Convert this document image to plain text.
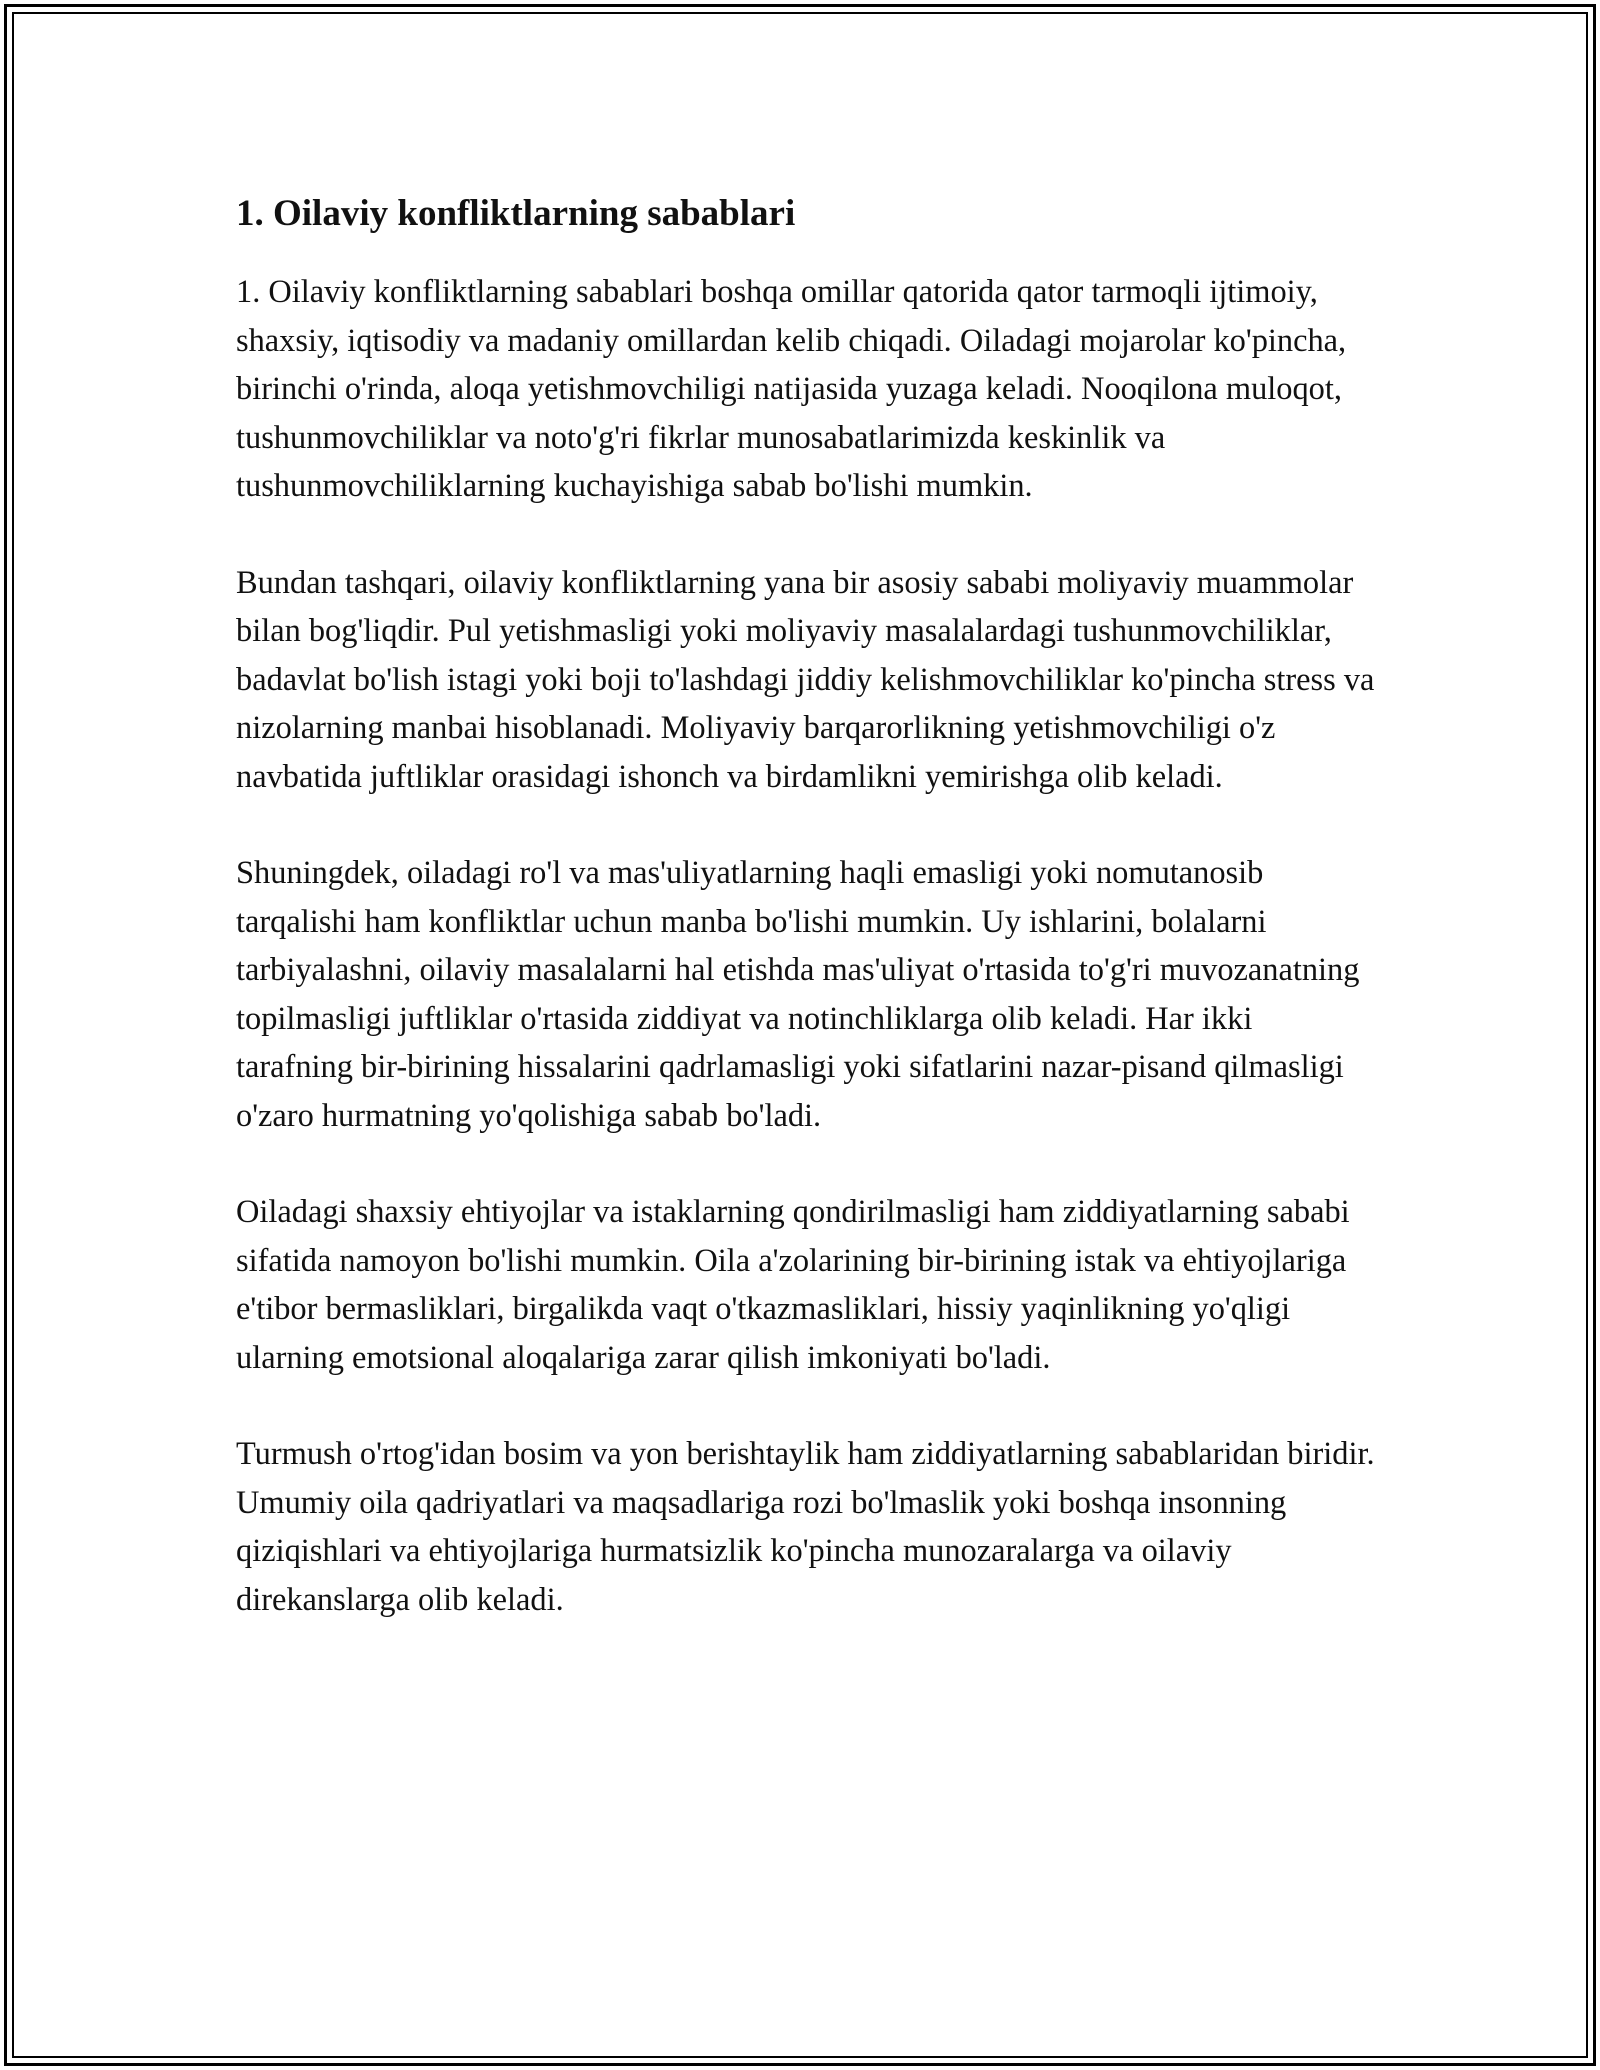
1. Oilaviy konfliktlarning sabablari

1. Oilaviy konfliktlarning sabablari boshqa omillar qatorida qator tarmoqli ijtimoiy, shaxsiy, iqtisodiy va madaniy omillardan kelib chiqadi. Oiladagi mojarolar ko'pincha, birinchi o'rinda, aloqa yetishmovchiligi natijasida yuzaga keladi. Nooqilona muloqot, tushunmovchiliklar va noto'g'ri fikrlar munosabatlarimizda keskinlik va tushunmovchiliklarning kuchayishiga sabab bo'lishi mumkin.

Bundan tashqari, oilaviy konfliktlarning yana bir asosiy sababi moliyaviy muammolar bilan bog'liqdir. Pul yetishmasligi yoki moliyaviy masalalardagi tushunmovchiliklar, badavlat bo'lish istagi yoki boji to'lashdagi jiddiy kelishmovchiliklar ko'pincha stress va nizolarning manbai hisoblanadi. Moliyaviy barqarorlikning yetishmovchiligi o'z navbatida juftliklar orasidagi ishonch va birdamlikni yemirishga olib keladi.

Shuningdek, oiladagi ro'l va mas'uliyatlarning haqli emasligi yoki nomutanosib tarqalishi ham konfliktlar uchun manba bo'lishi mumkin. Uy ishlarini, bolalarni tarbiyalashni, oilaviy masalalarni hal etishda mas'uliyat o'rtasida to'g'ri muvozanatning topilmasligi juftliklar o'rtasida ziddiyat va notinchliklarga olib keladi. Har ikki tarafning bir-birining hissalarini qadrlamasligi yoki sifatlarini nazar-pisand qilmasligi o'zaro hurmatning yo'qolishiga sabab bo'ladi.

Oiladagi shaxsiy ehtiyojlar va istaklarning qondirilmasligi ham ziddiyatlarning sababi sifatida namoyon bo'lishi mumkin. Oila a'zolarining bir-birining istak va ehtiyojlariga e'tibor bermasliklari, birgalikda vaqt o'tkazmasliklari, hissiy yaqinlikning yo'qligi ularning emotsional aloqalariga zarar qilish imkoniyati bo'ladi.

Turmush o'rtog'idan bosim va yon berishtaylik ham ziddiyatlarning sabablaridan biridir. Umumiy oila qadriyatlari va maqsadlariga rozi bo'lmaslik yoki boshqa insonning qiziqishlari va ehtiyojlariga hurmatsizlik ko'pincha munozaralarga va oilaviy direkanslarga olib keladi.
